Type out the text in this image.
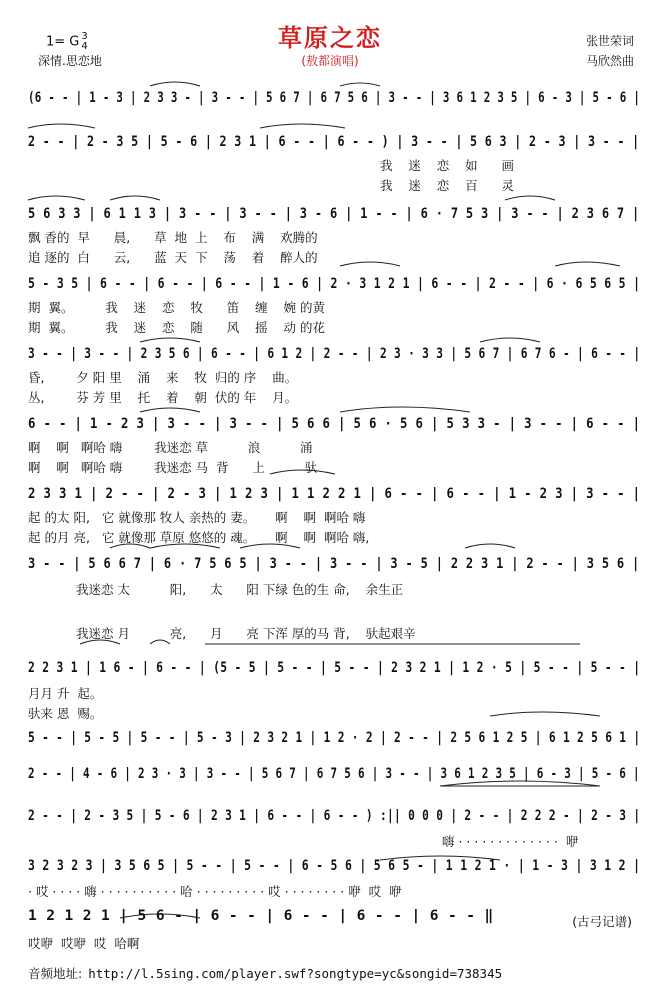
草原之恋
(敖都演唱)
1= G 3
4
深情.思恋地
张世荣词
马欣然曲
(6 - - | 1 - 3 | 2 3 3 - | 3 - - | 5 6 7 | 6 7 5 6 | 3 - - | 3 6 1 2 3 5 | 6 - 3 | 5 - 6 |
2 - - | 2 - 3 5 | 5 - 6 | 2 3 1 | 6 - - | 6 - - ) | 3 - - | 5 6 3 | 2 - 3 | 3 - - |
我    迷    恋    如      画
我    迷    恋    百      灵
5 6 3 3 | 6 1 1 3 | 3 - - | 3 - - | 3 - 6 | 1 - - | 6 · 7 5 3 | 3 - - | 2 3 6 7 |
飘 香的  早      晨,      草  地  上    布    满    欢腾的
追 逐的  白      云,      蓝  天  下    荡    着    醉人的
5 - 3 5 | 6 - - | 6 - - | 6 - - | 1 - 6 | 2 · 3 1 2 1 | 6 - - | 2 - - | 6 · 6 5 6 5 |
期  翼。        我    迷    恋    牧      笛    缠    婉 的黄
期  翼。        我    迷    恋    随      风    摇    动 的花
3 - - | 3 - - | 2 3 5 6 | 6 - - | 6 1 2 | 2 - - | 2 3 · 3 3 | 5 6 7 | 6 7 6 - | 6 - - |
昏,        夕 阳 里    涌    来    牧  归的 序    曲。
丛,        芬 芳 里    托    着    朝  伏的 年    月。
6 - - | 1 - 2 3 | 3 - - | 3 - - | 5 6 6 | 5 6 · 5 6 | 5 3 3 - | 3 - - | 6 - - |
啊    啊   啊哈 嗨        我迷恋 草          浪          涌
啊    啊   啊哈 嗨        我迷恋 马  背      上          驮
2 3 3 1 | 2 - - | 2 - 3 | 1 2 3 | 1 1 2 2 1 | 6 - - | 6 - - | 1 - 2 3 | 3 - - |
起 的太 阳,   它 就像那 牧人 亲热的 妻。     啊    啊  啊哈 嗨
起 的月 亮,   它 就像那 草原 悠悠的 魂。     啊    啊  啊哈 嗨,
3 - - | 5 6 6 7 | 6 · 7 5 6 5 | 3 - - | 3 - - | 3 - 5 | 2 2 3 1 | 2 - - | 3 5 6 |
我迷恋 太          阳,      太      阳 下绿 色的生 命,    余生正
我迷恋 月          亮,      月      亮 下浑 厚的马 背,    驮起艰辛
2 2 3 1 | 1 6 - | 6 - - | (5 - 5 | 5 - - | 5 - - | 2 3 2 1 | 1 2 · 5 | 5 - - | 5 - - |
月月 升  起。
驮来 恩  赐。
5 - - | 5 - 5 | 5 - - | 5 - 3 | 2 3 2 1 | 1 2 · 2 | 2 - - | 2 5 6 1 2 5 | 6 1 2 5 6 1 |
2 - - | 4 - 6 | 2 3 · 3 | 3 - - | 5 6 7 | 6 7 5 6 | 3 - - | 3 6 1 2 3 5 | 6 - 3 | 5 - 6 |
2 - - | 2 - 3 5 | 5 - 6 | 2 3 1 | 6 - - | 6 - - ) :|| 0 0 0 | 2 - - | 2 2 2 - | 2 - 3 |
嗨 · · · · · · · · · · · · ·  咿
3 2 3 2 3 | 3 5 6 5 | 5 - - | 5 - - | 6 - 5 6 | 5 6 5 - | 1 1 2 1 · | 1 - 3 | 3 1 2 |
· 哎 · · · · 嗨 · · · · · · · · · · 哈 · · · · · · · · · 哎 · · · · · · · · 咿  哎  咿
1 2 1 2 1 | 5 6 - | 6 - - | 6 - - | 6 - - | 6 - - ‖
哎咿  哎咿  哎  哈啊
(古弓记谱)
音频地址: http://l.5sing.com/player.swf?songtype=yc&songid=738345
